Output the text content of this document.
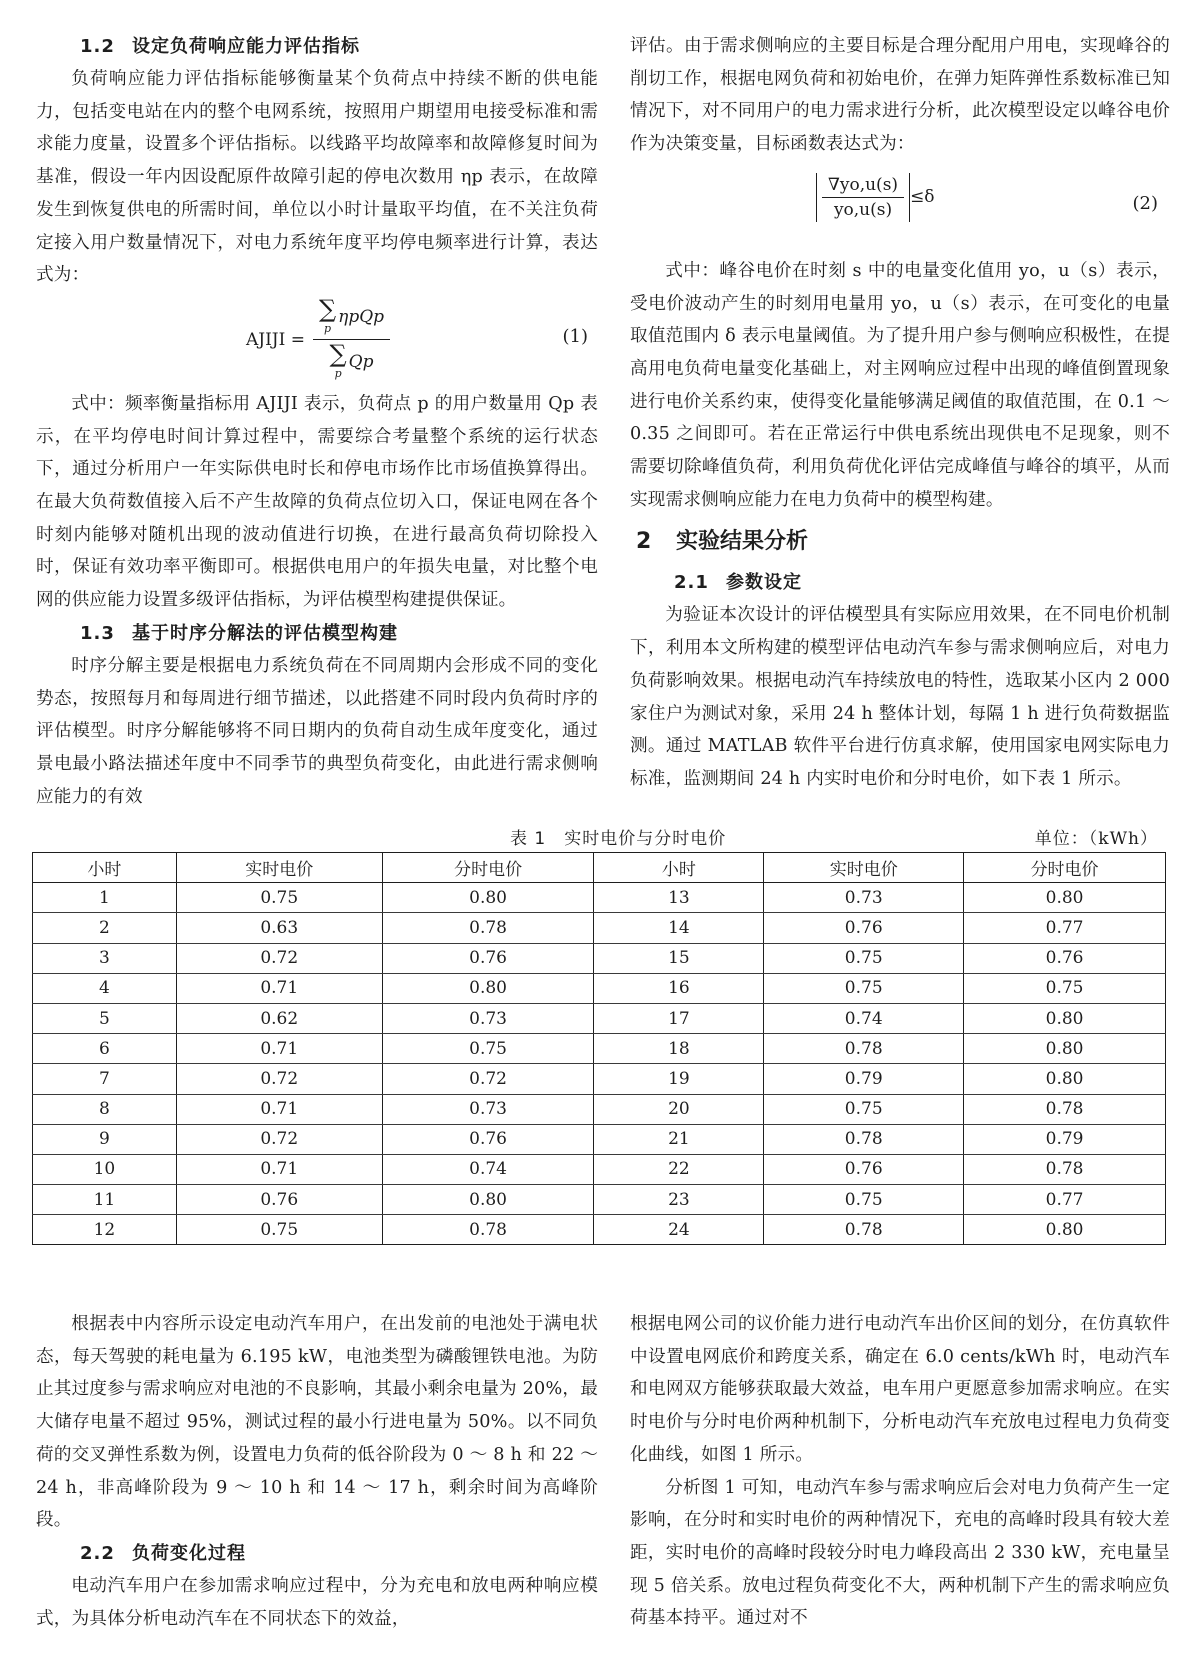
1.2 设定负荷响应能力评估指标

负荷响应能力评估指标能够衡量某个负荷点中持续不断的供电能力，包括变电站在内的整个电网系统，按照用户期望用电接受标准和需求能力度量，设置多个评估指标。以线路平均故障率和故障修复时间为基准，假设一年内因设配原件故障引起的停电次数用 ηp 表示，在故障发生到恢复供电的所需时间，单位以小时计量取平均值，在不关注负荷定接入用户数量情况下，对电力系统年度平均停电频率进行计算，表达式为：

AJIJI = ∑
p
ηpQp
∑
p
Qp	(1)

式中：频率衡量指标用 AJIJI 表示，负荷点 p 的用户数量用 Qp 表示，在平均停电时间计算过程中，需要综合考量整个系统的运行状态下，通过分析用户一年实际供电时长和停电市场作比市场值换算得出。在最大负荷数值接入后不产生故障的负荷点位切入口，保证电网在各个时刻内能够对随机出现的波动值进行切换，在进行最高负荷切除投入时，保证有效功率平衡即可。根据供电用户的年损失电量，对比整个电网的供应能力设置多级评估指标，为评估模型构建提供保证。

1.3 基于时序分解法的评估模型构建

时序分解主要是根据电力系统负荷在不同周期内会形成不同的变化势态，按照每月和每周进行细节描述，以此搭建不同时段内负荷时序的评估模型。时序分解能够将不同日期内的负荷自动生成年度变化，通过景电最小路法描述年度中不同季节的典型负荷变化，由此进行需求侧响应能力的有效

评估。由于需求侧响应的主要目标是合理分配用户用电，实现峰谷的削切工作，根据电网负荷和初始电价，在弹力矩阵弹性系数标准已知情况下，对不同用户的电力需求进行分析，此次模型设定以峰谷电价作为决策变量，目标函数表达式为：

$\frac{\nabla yo,u(s)}{yo,u(s)} \le\delta$	(2)

式中：峰谷电价在时刻 s 中的电量变化值用 yo，u（s）表示，受电价波动产生的时刻用电量用 yo，u（s）表示，在可变化的电量取值范围内 δ 表示电量阈值。为了提升用户参与侧响应积极性，在提高用电负荷电量变化基础上，对主网响应过程中出现的峰值倒置现象进行电价关系约束，使得变化量能够满足阈值的取值范围，在 0.1 ～ 0.35 之间即可。若在正常运行中供电系统出现供电不足现象，则不需要切除峰值负荷，利用负荷优化评估完成峰值与峰谷的填平，从而实现需求侧响应能力在电力负荷中的模型构建。

2 实验结果分析
2.1 参数设定

为验证本次设计的评估模型具有实际应用效果，在不同电价机制下，利用本文所构建的模型评估电动汽车参与需求侧响应后，对电力负荷影响效果。根据电动汽车持续放电的特性，选取某小区内 2 000 家住户为测试对象，采用 24 h 整体计划，每隔 1 h 进行负荷数据监测。通过 MATLAB 软件平台进行仿真求解，使用国家电网实际电力标准，监测期间 24 h 内实时电价和分时电价，如下表 1 所示。

表 1　实时电价与分时电价	单位：（kWh）
小时	实时电价	分时电价	小时	实时电价	分时电价
1	0.75	0.80	13	0.73	0.80
2	0.63	0.78	14	0.76	0.77
3	0.72	0.76	15	0.75	0.76
4	0.71	0.80	16	0.75	0.75
5	0.62	0.73	17	0.74	0.80
6	0.71	0.75	18	0.78	0.80
7	0.72	0.72	19	0.79	0.80
8	0.71	0.73	20	0.75	0.78
9	0.72	0.76	21	0.78	0.79
10	0.71	0.74	22	0.76	0.78
11	0.76	0.80	23	0.75	0.77
12	0.75	0.78	24	0.78	0.80

根据表中内容所示设定电动汽车用户，在出发前的电池处于满电状态，每天驾驶的耗电量为 6.195 kW，电池类型为磷酸锂铁电池。为防止其过度参与需求响应对电池的不良影响，其最小剩余电量为 20%，最大储存电量不超过 95%，测试过程的最小行进电量为 50%。以不同负荷的交叉弹性系数为例，设置电力负荷的低谷阶段为 0 ～ 8 h 和 22 ～ 24 h，非高峰阶段为 9 ～ 10 h 和 14 ～ 17 h，剩余时间为高峰阶段。

2.2 负荷变化过程

电动汽车用户在参加需求响应过程中，分为充电和放电两种响应模式，为具体分析电动汽车在不同状态下的效益，

根据电网公司的议价能力进行电动汽车出价区间的划分，在仿真软件中设置电网底价和跨度关系，确定在 6.0 cents/kWh 时，电动汽车和电网双方能够获取最大效益，电车用户更愿意参加需求响应。在实时电价与分时电价两种机制下，分析电动汽车充放电过程电力负荷变化曲线，如图 1 所示。

分析图 1 可知，电动汽车参与需求响应后会对电力负荷产生一定影响，在分时和实时电价的两种情况下，充电的高峰时段具有较大差距，实时电价的高峰时段较分时电力峰段高出 2 330 kW，充电量呈现 5 倍关系。放电过程负荷变化不大，两种机制下产生的需求响应负荷基本持平。通过对不
